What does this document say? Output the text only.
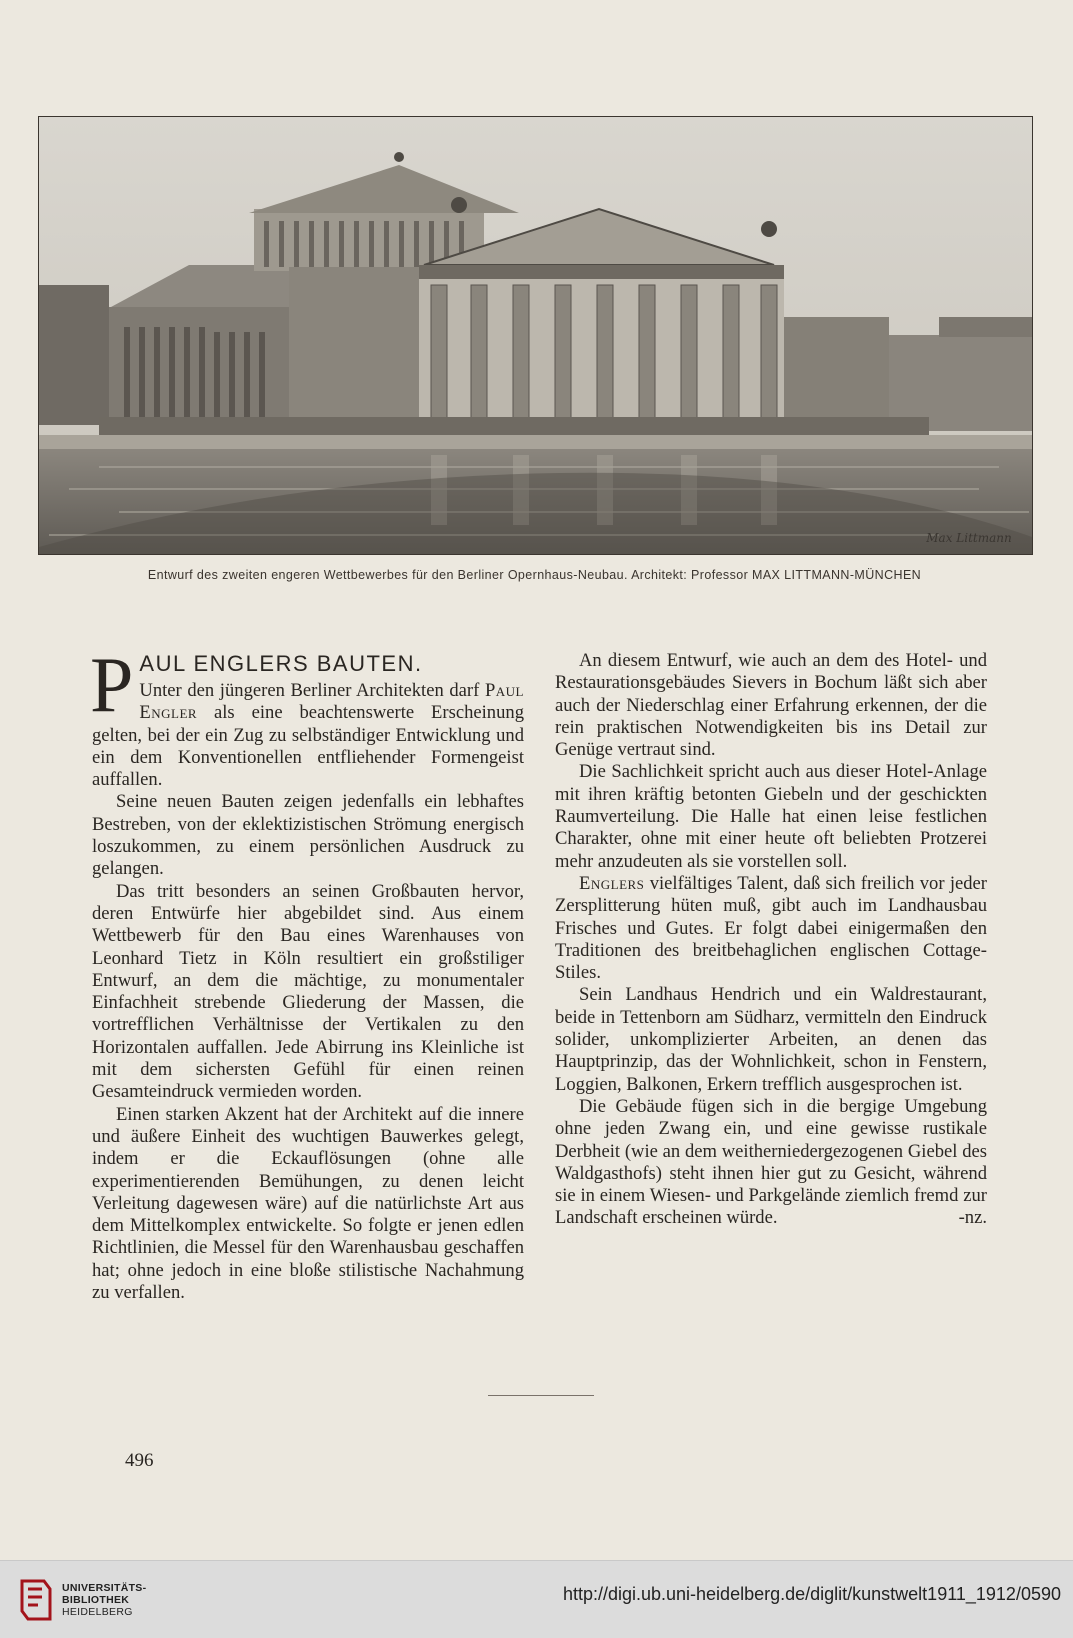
Max Littmann
Entwurf des zweiten engeren Wettbewerbes für den Berliner Opernhaus-Neubau. Architekt: Professor MAX LITTMANN-MÜNCHEN
P AUL ENGLERS BAUTEN.

Unter den jüngeren Berliner Architekten darf Paul Engler als eine beachtenswerte Erscheinung gelten, bei der ein Zug zu selbständiger Entwicklung und ein dem Konventionellen entfliehender Formengeist auffallen.

Seine neuen Bauten zeigen jedenfalls ein lebhaftes Bestreben, von der eklektizistischen Strömung energisch loszukommen, zu einem persönlichen Ausdruck zu gelangen.

Das tritt besonders an seinen Großbauten hervor, deren Entwürfe hier abgebildet sind. Aus einem Wettbewerb für den Bau eines Warenhauses von Leonhard Tietz in Köln resultiert ein großstiliger Entwurf, an dem die mächtige, zu monumentaler Einfachheit strebende Gliederung der Massen, die vortrefflichen Verhältnisse der Vertikalen zu den Horizontalen auffallen. Jede Abirrung ins Kleinliche ist mit dem sichersten Gefühl für einen reinen Gesamteindruck vermieden worden.

Einen starken Akzent hat der Architekt auf die innere und äußere Einheit des wuchtigen Bauwerkes gelegt, indem er die Eckauflösungen (ohne alle experimentierenden Bemühungen, zu denen leicht Verleitung dagewesen wäre) auf die natürlichste Art aus dem Mittelkomplex entwickelte. So folgte er jenen edlen Richtlinien, die Messel für den Warenhausbau geschaffen hat; ohne jedoch in eine bloße stilistische Nachahmung zu verfallen.

An diesem Entwurf, wie auch an dem des Hotel- und Restaurationsgebäudes Sievers in Bochum läßt sich aber auch der Niederschlag einer Erfahrung erkennen, der die rein praktischen Notwendigkeiten bis ins Detail zur Genüge vertraut sind.

Die Sachlichkeit spricht auch aus dieser Hotel-Anlage mit ihren kräftig betonten Giebeln und der geschickten Raumverteilung. Die Halle hat einen leise festlichen Charakter, ohne mit einer heute oft beliebten Protzerei mehr anzudeuten als sie vorstellen soll.

Englers vielfältiges Talent, daß sich freilich vor jeder Zersplitterung hüten muß, gibt auch im Landhausbau Frisches und Gutes. Er folgt dabei einigermaßen den Traditionen des breitbehaglichen englischen Cottage-Stiles.

Sein Landhaus Hendrich und ein Waldrestaurant, beide in Tettenborn am Südharz, vermitteln den Eindruck solider, unkomplizierter Arbeiten, an denen das Hauptprinzip, das der Wohnlichkeit, schon in Fenstern, Loggien, Balkonen, Erkern trefflich ausgesprochen ist.

Die Gebäude fügen sich in die bergige Umgebung ohne jeden Zwang ein, und eine gewisse rustikale Derbheit (wie an dem weitherniedergezogenen Giebel des Waldgasthofs) steht ihnen hier gut zu Gesicht, während sie in einem Wiesen- und Parkgelände ziemlich fremd zur Landschaft erscheinen würde.	-nz.

496
UNIVERSITÄTS-
BIBLIOTHEK
HEIDELBERG
http://digi.ub.uni-heidelberg.de/diglit/kunstwelt1911_1912/0590
